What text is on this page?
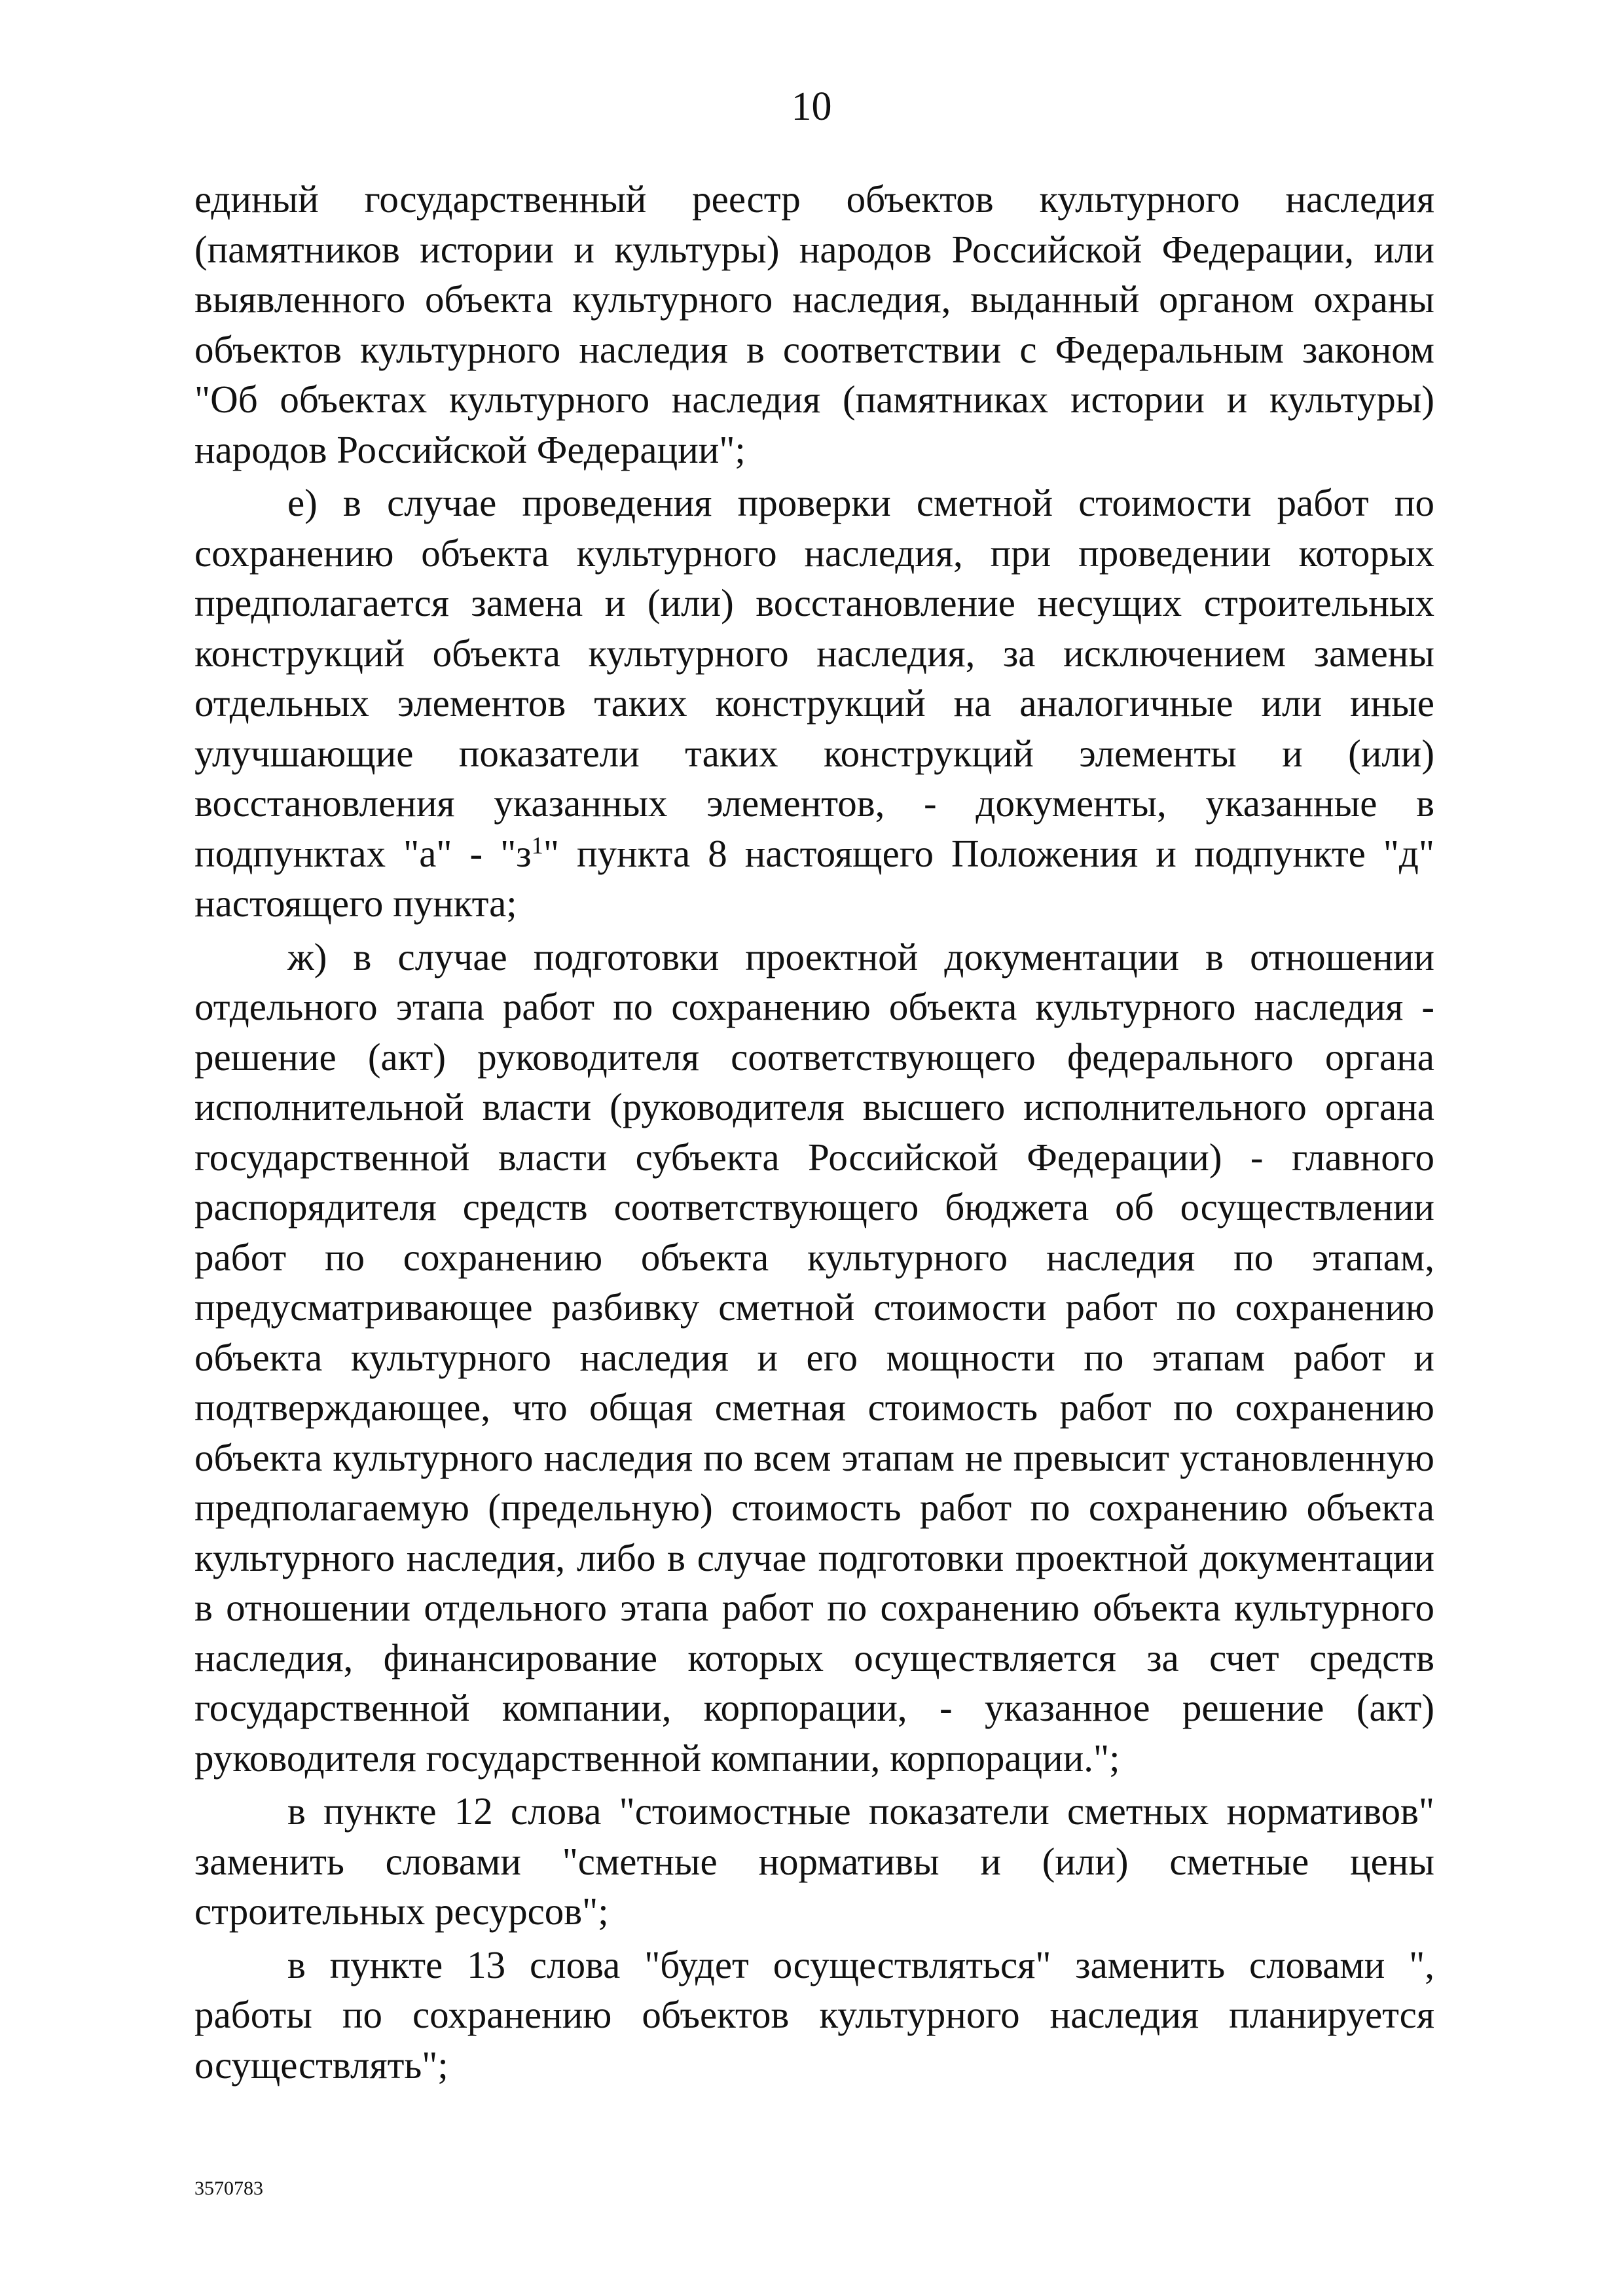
10

единый государственный реестр объектов культурного наследия (памятников истории и культуры) народов Российской Федерации, или выявленного объекта культурного наследия, выданный органом охраны объектов культурного наследия в соответствии с Федеральным законом "Об объектах культурного наследия (памятниках истории и культуры) народов Российской Федерации";

е) в случае проведения проверки сметной стоимости работ по сохранению объекта культурного наследия, при проведении которых предполагается замена и (или) восстановление несущих строительных конструкций объекта культурного наследия, за исключением замены отдельных элементов таких конструкций на аналогичные или иные улучшающие показатели таких конструкций элементы и (или) восстановления указанных элементов, - документы, указанные в подпунктах "а" - "$з^1$" пункта 8 настоящего Положения и подпункте "д" настоящего пункта;

ж) в случае подготовки проектной документации в отношении отдельного этапа работ по сохранению объекта культурного наследия - решение (акт) руководителя соответствующего федерального органа исполнительной власти (руководителя высшего исполнительного органа государственной власти субъекта Российской Федерации) - главного распорядителя средств соответствующего бюджета об осуществлении работ по сохранению объекта культурного наследия по этапам, предусматривающее разбивку сметной стоимости работ по сохранению объекта культурного наследия и его мощности по этапам работ и подтверждающее, что общая сметная стоимость работ по сохранению объекта культурного наследия по всем этапам не превысит установленную предполагаемую (предельную) стоимость работ по сохранению объекта культурного наследия, либо в случае подготовки проектной документации в отношении отдельного этапа работ по сохранению объекта культурного наследия, финансирование которых осуществляется за счет средств государственной компании, корпорации, - указанное решение (акт) руководителя государственной компании, корпорации.";

в пункте 12 слова "стоимостные показатели сметных нормативов" заменить словами "сметные нормативы и (или) сметные цены строительных ресурсов";

в пункте 13 слова "будет осуществляться" заменить словами ", работы по сохранению объектов культурного наследия планируется осуществлять";

3570783
